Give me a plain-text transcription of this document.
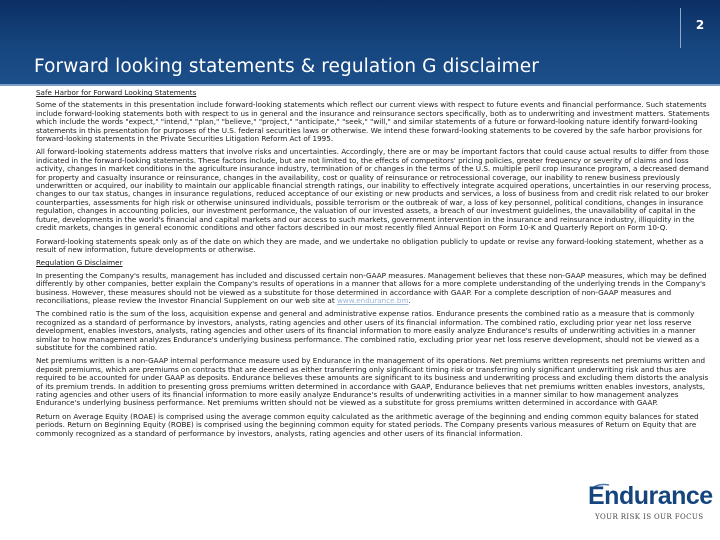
2
Forward looking statements & regulation G disclaimer

Safe Harbor for Forward Looking Statements

Some of the statements in this presentation include forward-looking statements which reflect our current views with respect to future events and financial performance. Such statements include forward-looking statements both with respect to us in general and the insurance and reinsurance sectors specifically, both as to underwriting and investment matters. Statements which include the words "expect," "intend," "plan," "believe," "project," "anticipate," "seek," "will," and similar statements of a future or forward-looking nature identify forward-looking statements in this presentation for purposes of the U.S. federal securities laws or otherwise. We intend these forward-looking statements to be covered by the safe harbor provisions for forward-looking statements in the Private Securities Litigation Reform Act of 1995.

All forward-looking statements address matters that involve risks and uncertainties. Accordingly, there are or may be important factors that could cause actual results to differ from those indicated in the forward-looking statements. These factors include, but are not limited to, the effects of competitors' pricing policies, greater frequency or severity of claims and loss activity, changes in market conditions in the agriculture insurance industry, termination of or changes in the terms of the U.S. multiple peril crop insurance program, a decreased demand for property and casualty insurance or reinsurance, changes in the availability, cost or quality of reinsurance or retrocessional coverage, our inability to renew business previously underwritten or acquired, our inability to maintain our applicable financial strength ratings, our inability to effectively integrate acquired operations, uncertainties in our reserving process, changes to our tax status, changes in insurance regulations, reduced acceptance of our existing or new products and services, a loss of business from and credit risk related to our broker counterparties, assessments for high risk or otherwise uninsured individuals, possible terrorism or the outbreak of war, a loss of key personnel, political conditions, changes in insurance regulation, changes in accounting policies, our investment performance, the valuation of our invested assets, a breach of our investment guidelines, the unavailability of capital in the future, developments in the world's financial and capital markets and our access to such markets, government intervention in the insurance and reinsurance industry, illiquidity in the credit markets, changes in general economic conditions and other factors described in our most recently filed Annual Report on Form 10-K and Quarterly Report on Form 10-Q.

Forward-looking statements speak only as of the date on which they are made, and we undertake no obligation publicly to update or revise any forward-looking statement, whether as a result of new information, future developments or otherwise.

Regulation G Disclaimer

In presenting the Company's results, management has included and discussed certain non-GAAP measures. Management believes that these non-GAAP measures, which may be defined differently by other companies, better explain the Company's results of operations in a manner that allows for a more complete understanding of the underlying trends in the Company's business. However, these measures should not be viewed as a substitute for those determined in accordance with GAAP. For a complete description of non-GAAP measures and reconciliations, please review the Investor Financial Supplement on our web site at www.endurance.bm.

The combined ratio is the sum of the loss, acquisition expense and general and administrative expense ratios. Endurance presents the combined ratio as a measure that is commonly recognized as a standard of performance by investors, analysts, rating agencies and other users of its financial information. The combined ratio, excluding prior year net loss reserve development, enables investors, analysts, rating agencies and other users of its financial information to more easily analyze Endurance's results of underwriting activities in a manner similar to how management analyzes Endurance's underlying business performance. The combined ratio, excluding prior year net loss reserve development, should not be viewed as a substitute for the combined ratio.

Net premiums written is a non-GAAP internal performance measure used by Endurance in the management of its operations. Net premiums written represents net premiums written and deposit premiums, which are premiums on contracts that are deemed as either transferring only significant timing risk or transferring only significant underwriting risk and thus are required to be accounted for under GAAP as deposits. Endurance believes these amounts are significant to its business and underwriting process and excluding them distorts the analysis of its premium trends. In addition to presenting gross premiums written determined in accordance with GAAP, Endurance believes that net premiums written enables investors, analysts, rating agencies and other users of its financial information to more easily analyze Endurance's results of underwriting activities in a manner similar to how management analyzes Endurance's underlying business performance. Net premiums written should not be viewed as a substitute for gross premiums written determined in accordance with GAAP.

Return on Average Equity (ROAE) is comprised using the average common equity calculated as the arithmetic average of the beginning and ending common equity balances for stated periods. Return on Beginning Equity (ROBE) is comprised using the beginning common equity for stated periods. The Company presents various measures of Return on Equity that are commonly recognized as a standard of performance by investors, analysts, rating agencies and other users of its financial information.

Endurance

YOUR RISK IS OUR FOCUS
